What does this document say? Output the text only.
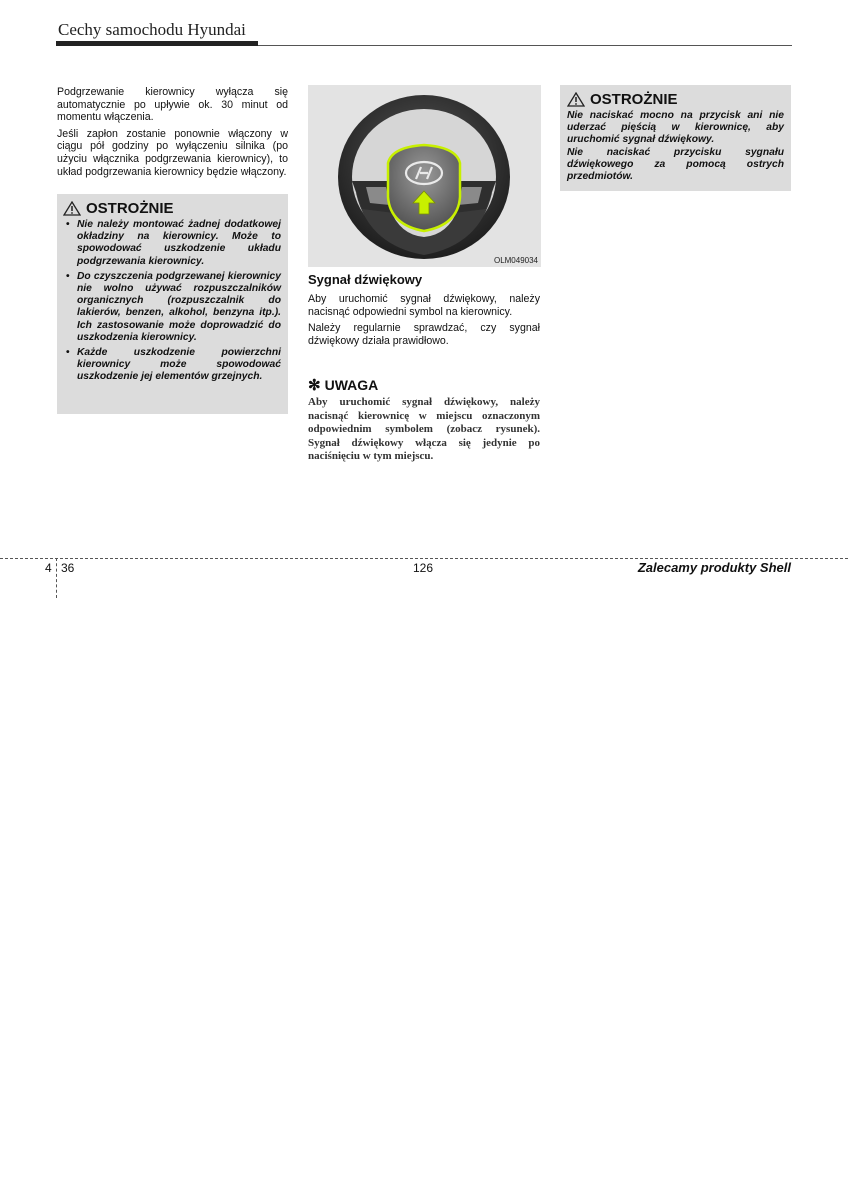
Cechy samochodu Hyundai

Podgrzewanie kierownicy wyłącza się automatycznie po upływie ok. 30 minut od momentu włączenia.

Jeśli zapłon zostanie ponownie włączony w ciągu pół godziny po wyłączeniu silnika (po użyciu włącznika podgrzewania kierownicy), to układ podgrzewania kierownicy będzie włączony.

OSTROŻNIE
• Nie należy montować żadnej dodatkowej okładziny na kierownicy. Może to spowodować uszkodzenie układu podgrzewania kierownicy.
• Do czyszczenia podgrzewanej kierownicy nie wolno używać rozpuszczalników organicznych (rozpuszczalnik do lakierów, benzen, alkohol, benzyna itp.). Ich zastosowanie może doprowadzić do uszkodzenia kierownicy.
• Każde uszkodzenie powierzchni kierownicy może spowodować uszkodzenie jej elementów grzejnych.
OLM049034
Sygnał dźwiękowy

Aby uruchomić sygnał dźwiękowy, należy nacisnąć odpowiedni symbol na kierownicy.

Należy regularnie sprawdzać, czy sygnał dźwiękowy działa prawidłowo.

✻ UWAGA
Aby uruchomić sygnał dźwiękowy, należy nacisnąć kierownicę w miejscu oznaczonym odpowiednim symbolem (zobacz rysunek). Sygnał dźwiękowy włącza się jedynie po naciśnięciu w tym miejscu.
OSTROŻNIE

Nie naciskać mocno na przycisk ani nie uderzać pięścią w kierownicę, aby uruchomić sygnał dźwiękowy.

Nie naciskać przycisku sygnału dźwiękowego za pomocą ostrych przedmiotów.

4 36	126	Zalecamy produkty Shell
